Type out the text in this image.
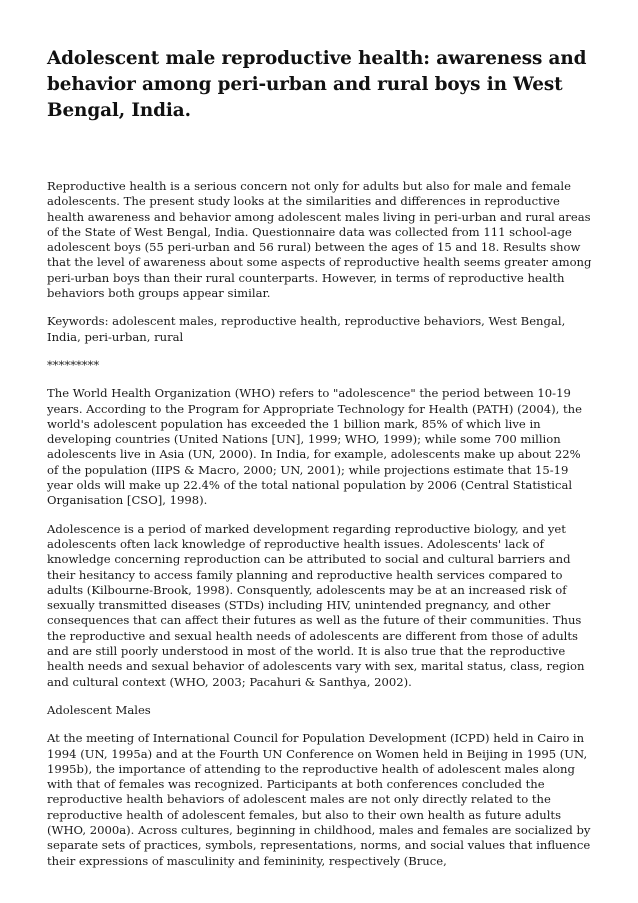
Adolescent male reproductive health: awareness and behavior among peri-urban and rural boys in West Bengal, India.

Reproductive health is a serious concern not only for adults but also for male and female adolescents. The present study looks at the similarities and differences in reproductive health awareness and behavior among adolescent males living in peri-urban and rural areas of the State of West Bengal, India. Questionnaire data was collected from 111 school-age adolescent boys (55 peri-urban and 56 rural) between the ages of 15 and 18. Results show that the level of awareness about some aspects of reproductive health seems greater among peri-urban boys than their rural counterparts. However, in terms of reproductive health behaviors both groups appear similar.

Keywords: adolescent males, reproductive health, reproductive behaviors, West Bengal, India, peri-urban, rural

*********

The World Health Organization (WHO) refers to "adolescence" the period between 10-19 years. According to the Program for Appropriate Technology for Health (PATH) (2004), the world's adolescent population has exceeded the 1 billion mark, 85% of which live in developing countries (United Nations [UN], 1999; WHO, 1999); while some 700 million adolescents live in Asia (UN, 2000). In India, for example, adolescents make up about 22% of the population (IIPS & Macro, 2000; UN, 2001); while projections estimate that 15-19 year olds will make up 22.4% of the total national population by 2006 (Central Statistical Organisation [CSO], 1998).

Adolescence is a period of marked development regarding reproductive biology, and yet adolescents often lack knowledge of reproductive health issues. Adolescents' lack of knowledge concerning reproduction can be attributed to social and cultural barriers and their hesitancy to access family planning and reproductive health services compared to adults (Kilbourne-Brook, 1998). Consquently, adolescents may be at an increased risk of sexually transmitted diseases (STDs) including HIV, unintended pregnancy, and other consequences that can affect their futures as well as the future of their communities. Thus the reproductive and sexual health needs of adolescents are different from those of adults and are still poorly understood in most of the world. It is also true that the reproductive health needs and sexual behavior of adolescents vary with sex, marital status, class, region and cultural context (WHO, 2003; Pacahuri & Santhya, 2002).

Adolescent Males

At the meeting of International Council for Population Development (ICPD) held in Cairo in 1994 (UN, 1995a) and at the Fourth UN Conference on Women held in Beijing in 1995 (UN, 1995b), the importance of attending to the reproductive health of adolescent males along with that of females was recognized. Participants at both conferences concluded the reproductive health behaviors of adolescent males are not only directly related to the reproductive health of adolescent females, but also to their own health as future adults (WHO, 2000a). Across cultures, beginning in childhood, males and females are socialized by separate sets of practices, symbols, representations, norms, and social values that influence their expressions of masculinity and femininity, respectively (Bruce,
